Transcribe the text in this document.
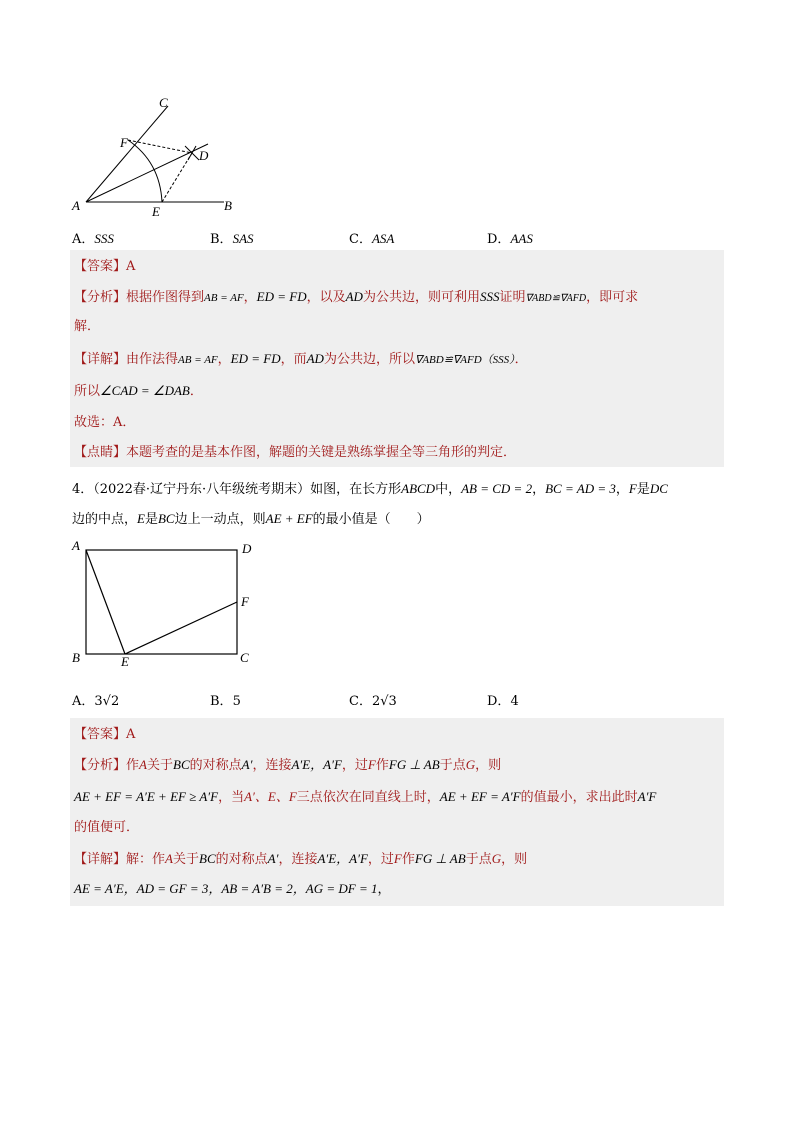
C
F
D
A	E	B
A．SSS	B．SAS	C．ASA	D．AAS
【答案】A
【分析】根据作图得到AB = AF，ED = FD，以及AD为公共边，则可利用SSS证明∇ABD≌∇AFD，即可求
解．
【详解】由作法得AB = AF，ED = FD，而AD为公共边，所以∇ABD≌∇AFD（SSS）．
所以∠CAD = ∠DAB．
故选：A．
【点睛】本题考查的是基本作图，解题的关键是熟练掌握全等三角形的判定．
4．（2022春·辽宁丹东·八年级统考期末）如图，在长方形ABCD中，AB = CD = 2，BC = AD = 3，F是DC
边的中点，E是BC边上一动点，则AE + EF的最小值是（　　）
A	D
F
B	E	C
A．3√2	B．5	C．2√3	D．4
【答案】A
【分析】作A关于BC的对称点A′，连接A′E，A′F，过F作FG ⊥ AB于点G，则
AE + EF = A′E + EF ≥ A′F，当A′、E、F三点依次在同直线上时，AE + EF = A′F的值最小，求出此时A′F
的值便可．
【详解】解：作A关于BC的对称点A′，连接A′E，A′F，过F作FG ⊥ AB于点G，则
AE = A′E，AD = GF = 3，AB = A′B = 2，AG = DF = 1，
